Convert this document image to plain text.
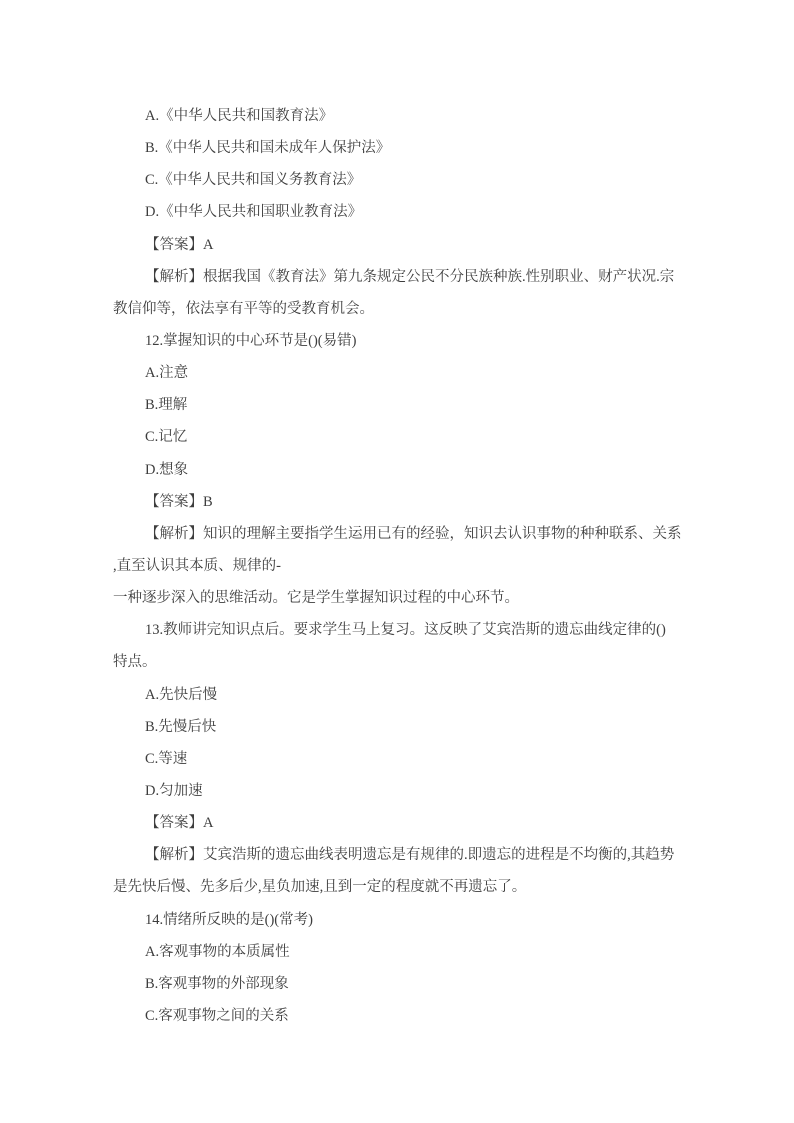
A.《中华人民共和国教育法》
B.《中华人民共和国未成年人保护法》
C.《中华人民共和国义务教育法》
D.《中华人民共和国职业教育法》
【答案】A
【解析】根据我国《教育法》第九条规定公民不分民族种族.性别职业、财产状况.宗
教信仰等，依法享有平等的受教育机会。
12.掌握知识的中心环节是()(易错)
A.注意
B.理解
C.记忆
D.想象
【答案】B
【解析】知识的理解主要指学生运用已有的经验，知识去认识事物的种种联系、关系
,直至认识其本质、规律的-
一种逐步深入的思维活动。它是学生掌握知识过程的中心环节。
13.教师讲完知识点后。要求学生马上复习。这反映了艾宾浩斯的遗忘曲线定律的()
特点。
A.先快后慢
B.先慢后快
C.等速
D.匀加速
【答案】A
【解析】艾宾浩斯的遗忘曲线表明遗忘是有规律的.即遗忘的进程是不均衡的,其趋势
是先快后慢、先多后少,星负加速,且到一定的程度就不再遗忘了。
14.情绪所反映的是()(常考)
A.客观事物的本质属性
B.客观事物的外部现象
C.客观事物之间的关系
